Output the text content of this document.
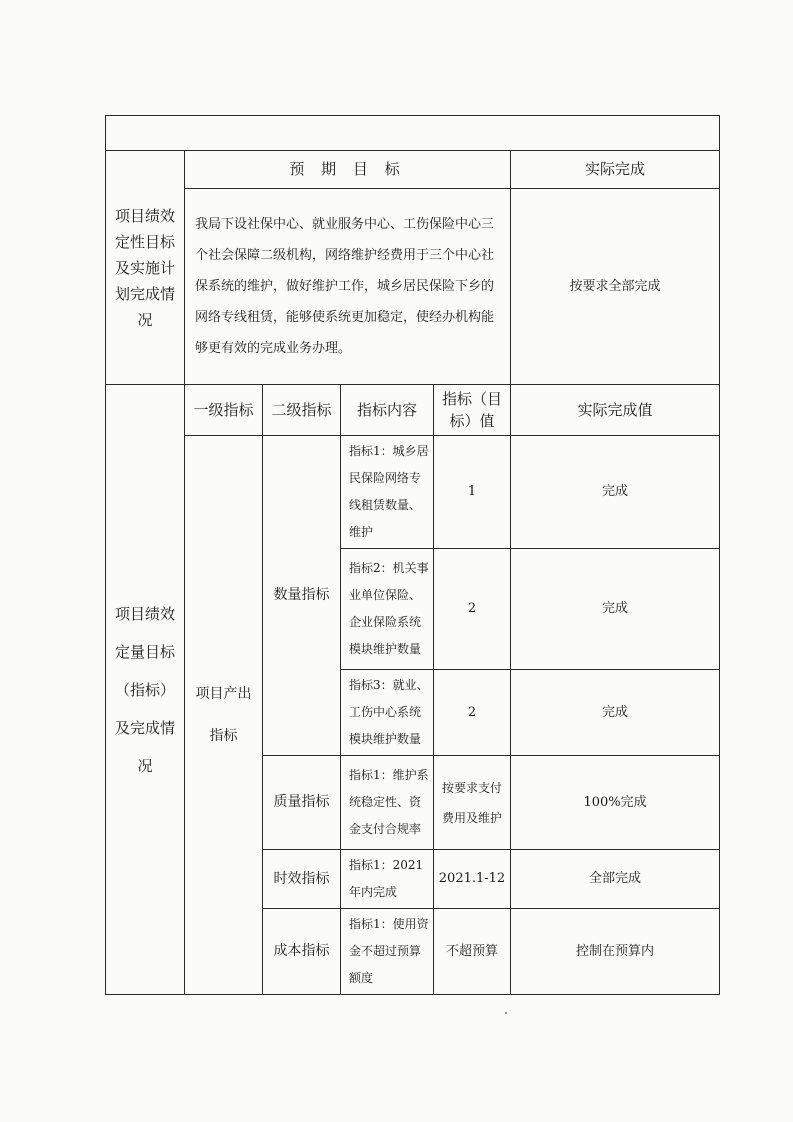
项目绩效定性目标及实施计划完成情况	预 期 目 标				实际完成
	我局下设社保中心、就业服务中心、工伤保险中心三个社会保障二级机构，网络维护经费用于三个中心社保系统的维护，做好维护工作，城乡居民保险下乡的网络专线租赁，能够使系统更加稳定，使经办机构能够更有效的完成业务办理。				按要求全部完成
项目绩效定量目标（指标）及完成情况	一级指标	二级指标	指标内容	指标（目标）值	实际完成值
	项目产出指标	数量指标	指标1：城乡居民保险网络专线租赁数量、维护	1	完成
			指标2：机关事业单位保险、企业保险系统模块维护数量	2	完成
			指标3：就业、工伤中心系统模块维护数量	2	完成
		质量指标	指标1：维护系统稳定性、资金支付合规率	按要求支付费用及维护	100%完成
		时效指标	指标1：2021年内完成	2021.1-12	全部完成
		成本指标	指标1：使用资金不超过预算额度	不超预算	控制在预算内
